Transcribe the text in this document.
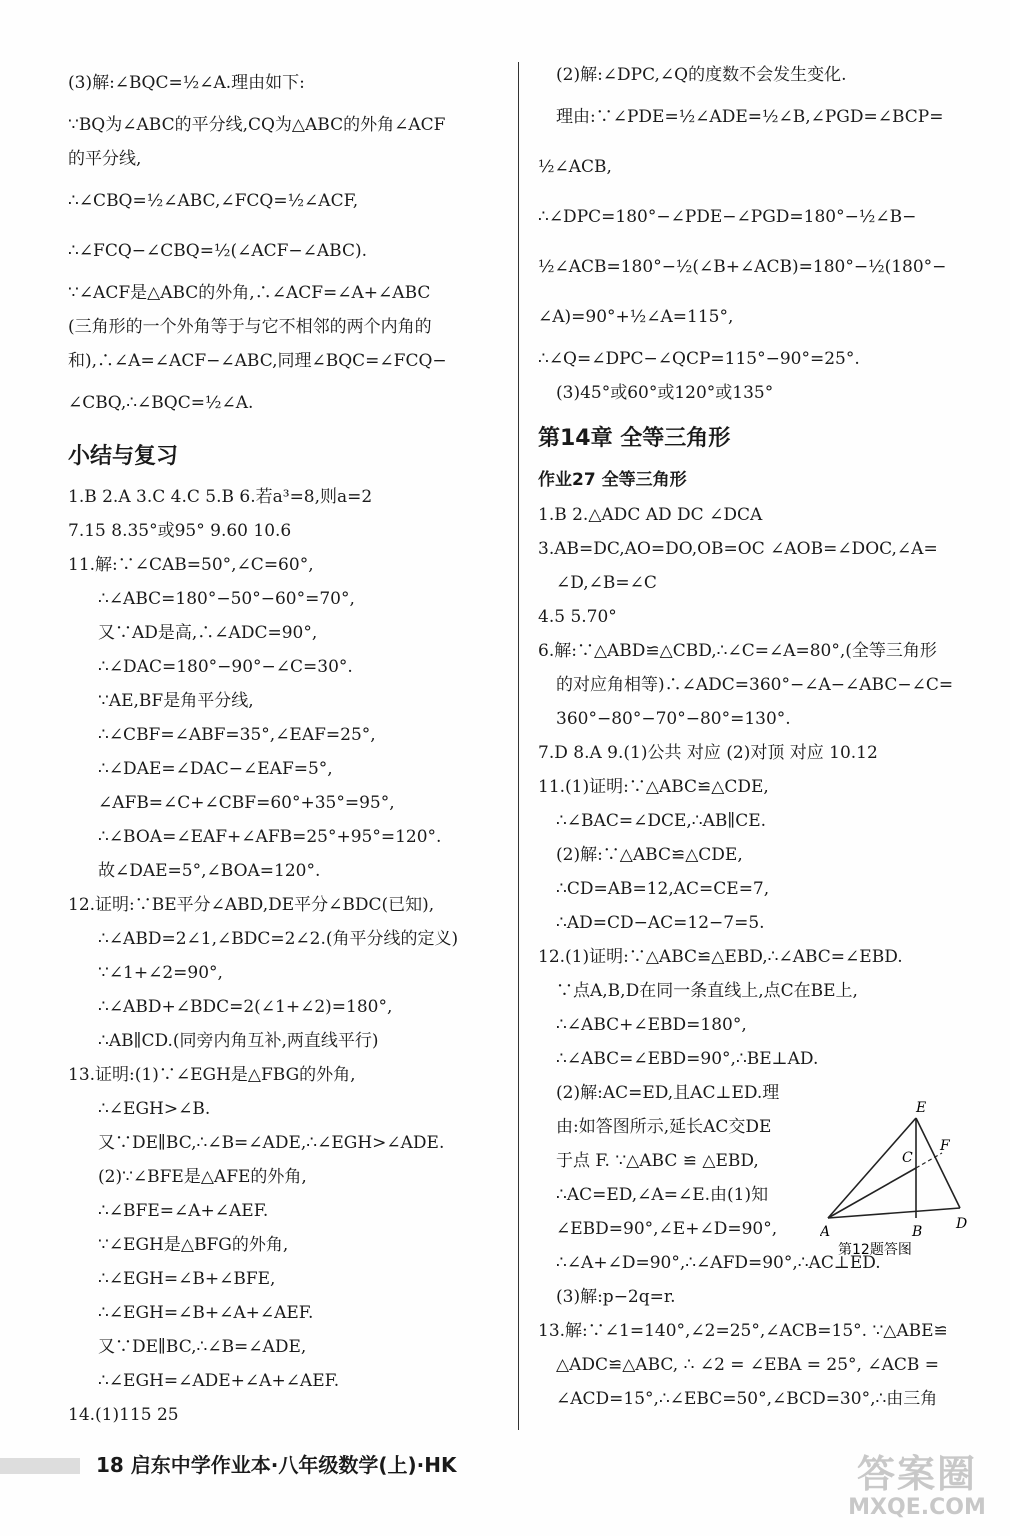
(3)解:∠BQC=½∠A.理由如下:
∵BQ为∠ABC的平分线,CQ为△ABC的外角∠ACF
的平分线,
∴∠CBQ=½∠ABC,∠FCQ=½∠ACF,
∴∠FCQ−∠CBQ=½(∠ACF−∠ABC).
∵∠ACF是△ABC的外角,∴∠ACF=∠A+∠ABC
(三角形的一个外角等于与它不相邻的两个内角的
和),∴∠A=∠ACF−∠ABC,同理∠BQC=∠FCQ−
∠CBQ,∴∠BQC=½∠A.
小结与复习
1.B 2.A 3.C 4.C 5.B 6.若a³=8,则a=2
7.15 8.35°或95° 9.60 10.6
11.解:∵∠CAB=50°,∠C=60°,
∴∠ABC=180°−50°−60°=70°,
又∵AD是高,∴∠ADC=90°,
∴∠DAC=180°−90°−∠C=30°.
∵AE,BF是角平分线,
∴∠CBF=∠ABF=35°,∠EAF=25°,
∴∠DAE=∠DAC−∠EAF=5°,
∠AFB=∠C+∠CBF=60°+35°=95°,
∴∠BOA=∠EAF+∠AFB=25°+95°=120°.
故∠DAE=5°,∠BOA=120°.
12.证明:∵BE平分∠ABD,DE平分∠BDC(已知),
∴∠ABD=2∠1,∠BDC=2∠2.(角平分线的定义)
∵∠1+∠2=90°,
∴∠ABD+∠BDC=2(∠1+∠2)=180°,
∴AB∥CD.(同旁内角互补,两直线平行)
13.证明:(1)∵∠EGH是△FBG的外角,
∴∠EGH>∠B.
又∵DE∥BC,∴∠B=∠ADE,∴∠EGH>∠ADE.
(2)∵∠BFE是△AFE的外角,
∴∠BFE=∠A+∠AEF.
∵∠EGH是△BFG的外角,
∴∠EGH=∠B+∠BFE,
∴∠EGH=∠B+∠A+∠AEF.
又∵DE∥BC,∴∠B=∠ADE,
∴∠EGH=∠ADE+∠A+∠AEF.
14.(1)115 25
(2)解:∠DPC,∠Q的度数不会发生变化.
理由:∵∠PDE=½∠ADE=½∠B,∠PGD=∠BCP=
½∠ACB,
∴∠DPC=180°−∠PDE−∠PGD=180°−½∠B−
½∠ACB=180°−½(∠B+∠ACB)=180°−½(180°−
∠A)=90°+½∠A=115°,
∴∠Q=∠DPC−∠QCP=115°−90°=25°.
(3)45°或60°或120°或135°
第14章 全等三角形
作业27 全等三角形
1.B 2.△ADC AD DC ∠DCA
3.AB=DC,AO=DO,OB=OC ∠AOB=∠DOC,∠A=
∠D,∠B=∠C
4.5 5.70°
6.解:∵△ABD≌△CBD,∴∠C=∠A=80°,(全等三角形
的对应角相等)∴∠ADC=360°−∠A−∠ABC−∠C=
360°−80°−70°−80°=130°.
7.D 8.A 9.(1)公共 对应 (2)对顶 对应 10.12
11.(1)证明:∵△ABC≌△CDE,
∴∠BAC=∠DCE,∴AB∥CE.
(2)解:∵△ABC≌△CDE,
∴CD=AB=12,AC=CE=7,
∴AD=CD−AC=12−7=5.
12.(1)证明:∵△ABC≌△EBD,∴∠ABC=∠EBD.
∵点A,B,D在同一条直线上,点C在BE上,
∴∠ABC+∠EBD=180°,
∴∠ABC=∠EBD=90°,∴BE⊥AD.
(2)解:AC=ED,且AC⊥ED.理
由:如答图所示,延长AC交DE
于点 F. ∵△ABC ≌ △EBD,
∴AC=ED,∠A=∠E.由(1)知
∠EBD=90°,∠E+∠D=90°,
∴∠A+∠D=90°,∴∠AFD=90°,∴AC⊥ED.
(3)解:p−2q=r.
13.解:∵∠1=140°,∠2=25°,∠ACB=15°. ∵△ABE≌
△ADC≌△ABC, ∴ ∠2 = ∠EBA = 25°, ∠ACB =
∠ACD=15°,∴∠EBC=50°,∠BCD=30°,∴由三角
E
C
F
A	B D
第12题答图
18 启东中学作业本·八年级数学(上)·HK	答案圈
MXQE.COM
